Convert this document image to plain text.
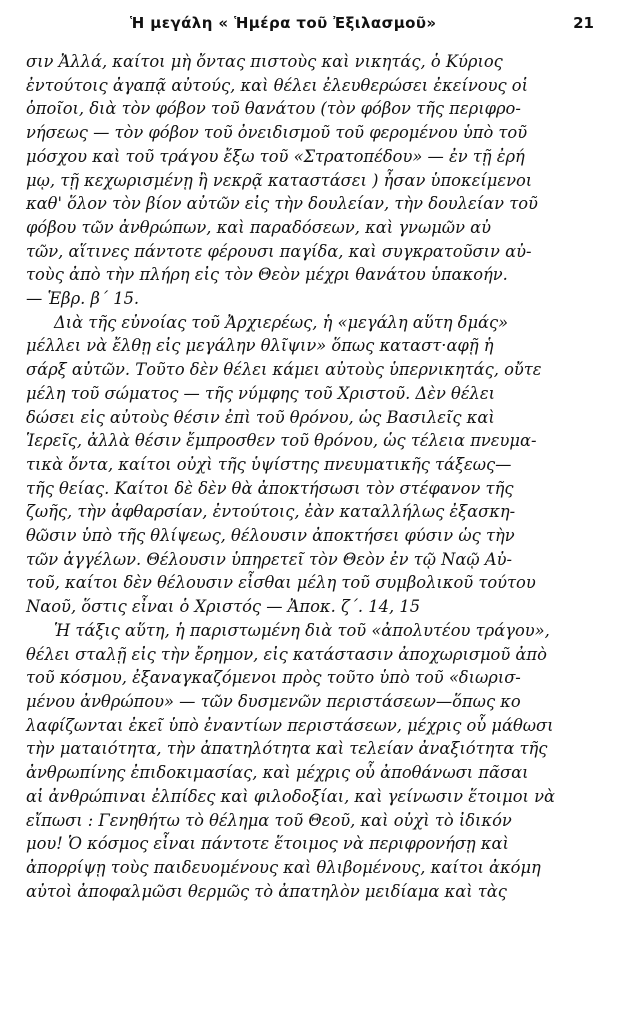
Ἡ μεγάλη « Ἡμέρα τοῦ Ἐξιλασμοῦ»	21
σιν Ἀλλά, καίτοι μὴ ὄντας πιστοὺς καὶ νικητάς, ὁ Κύριος
ἐντούτοις ἀγαπᾷ αὐτούς, καὶ θέλει ἐλευθερώσει ἐκείνους οἱ
ὁποῖοι, διὰ τὸν φόβον τοῦ θανάτου (τὸν φόβον τῆς περιφρο-
νήσεως — τὸν φόβον τοῦ ὀνειδισμοῦ τοῦ φερομένου ὑπὸ τοῦ
μόσχου καὶ τοῦ τράγου ἔξω τοῦ «Στρατοπέδου» — ἐν τῇ ἐρή
μῳ, τῇ κεχωρισμένῃ ἢ νεκρᾷ καταστάσει ) ἦσαν ὑποκείμενοι
καθ' ὅλον τὸν βίον αὐτῶν εἰς τὴν δουλείαν, τὴν δουλείαν τοῦ
φόβου τῶν ἀνθρώπων, καὶ παραδόσεων, καὶ γνωμῶν αὐ
τῶν, αἵτινες πάντοτε φέρουσι παγίδα, καὶ συγκρατοῦσιν αὐ-
τοὺς ἀπὸ τὴν πλήρη εἰς τὸν Θεὸν μέχρι θανάτου ὑπακοήν.
— Ἑβρ. β΄ 15.
Διὰ τῆς εὐνοίας τοῦ Ἀρχιερέως, ἡ «μεγάλη αὕτη δμάς»
μέλλει νὰ ἔλθῃ εἰς μεγάλην θλῖψιν» ὅπως καταστ·αφῇ ἡ
σάρξ αὐτῶν. Τοῦτο δὲν θέλει κάμει αὐτοὺς ὑπερνικητάς, οὔτε
μέλη τοῦ σώματος — τῆς νύμφης τοῦ Χριστοῦ. Δὲν θέλει
δώσει εἰς αὐτοὺς θέσιν ἐπὶ τοῦ θρόνου, ὡς Βασιλεῖς καὶ
Ἱερεῖς, ἀλλὰ θέσιν ἔμπροσθεν τοῦ θρόνου, ὡς τέλεια πνευμα-
τικὰ ὄντα, καίτοι οὐχὶ τῆς ὑψίστης πνευματικῆς τάξεως—
τῆς θείας. Καίτοι δὲ δὲν θὰ ἀποκτήσωσι τὸν στέφανον τῆς
ζωῆς, τὴν ἀφθαρσίαν, ἐντούτοις, ἐὰν καταλλήλως ἐξασκη-
θῶσιν ὑπὸ τῆς θλίψεως, θέλουσιν ἀποκτήσει φύσιν ὡς τὴν
τῶν ἀγγέλων. Θέλουσιν ὑπηρετεῖ τὸν Θεὸν ἐν τῷ Ναῷ Αὐ-
τοῦ, καίτοι δὲν θέλουσιν εἶσθαι μέλη τοῦ συμβολικοῦ τούτου
Ναοῦ, ὅστις εἶναι ὁ Χριστός — Ἀποκ. ζ΄. 14, 15
Ἡ τάξις αὕτη, ἡ παριστωμένη διὰ τοῦ «ἀπολυτέου τράγου»,
θέλει σταλῇ εἰς τὴν ἔρημον, εἰς κατάστασιν ἀποχωρισμοῦ ἀπὸ
τοῦ κόσμου, ἐξαναγκαζόμενοι πρὸς τοῦτο ὑπὸ τοῦ «διωρισ-
μένου ἀνθρώπου» — τῶν δυσμενῶν περιστάσεων—ὅπως κο
λαφίζωνται ἐκεῖ ὑπὸ ἐναντίων περιστάσεων, μέχρις οὗ μάθωσι
τὴν ματαιότητα, τὴν ἀπατηλότητα καὶ τελείαν ἀναξιότητα τῆς
ἀνθρωπίνης ἐπιδοκιμασίας, καὶ μέχρις οὗ ἀποθάνωσι πᾶσαι
αἱ ἀνθρώπιναι ἐλπίδες καὶ φιλοδοξίαι, καὶ γείνωσιν ἕτοιμοι νὰ
εἴπωσι : Γενηθήτω τὸ θέλημα τοῦ Θεοῦ, καὶ οὐχὶ τὸ ἰδικόν
μου! Ὁ κόσμος εἶναι πάντοτε ἕτοιμος νὰ περιφρονήσῃ καὶ
ἀπορρίψῃ τοὺς παιδευομένους καὶ θλιβομένους, καίτοι ἀκόμη
αὐτοὶ ἀποφαλμῶσι θερμῶς τὸ ἀπατηλὸν μειδίαμα καὶ τὰς
